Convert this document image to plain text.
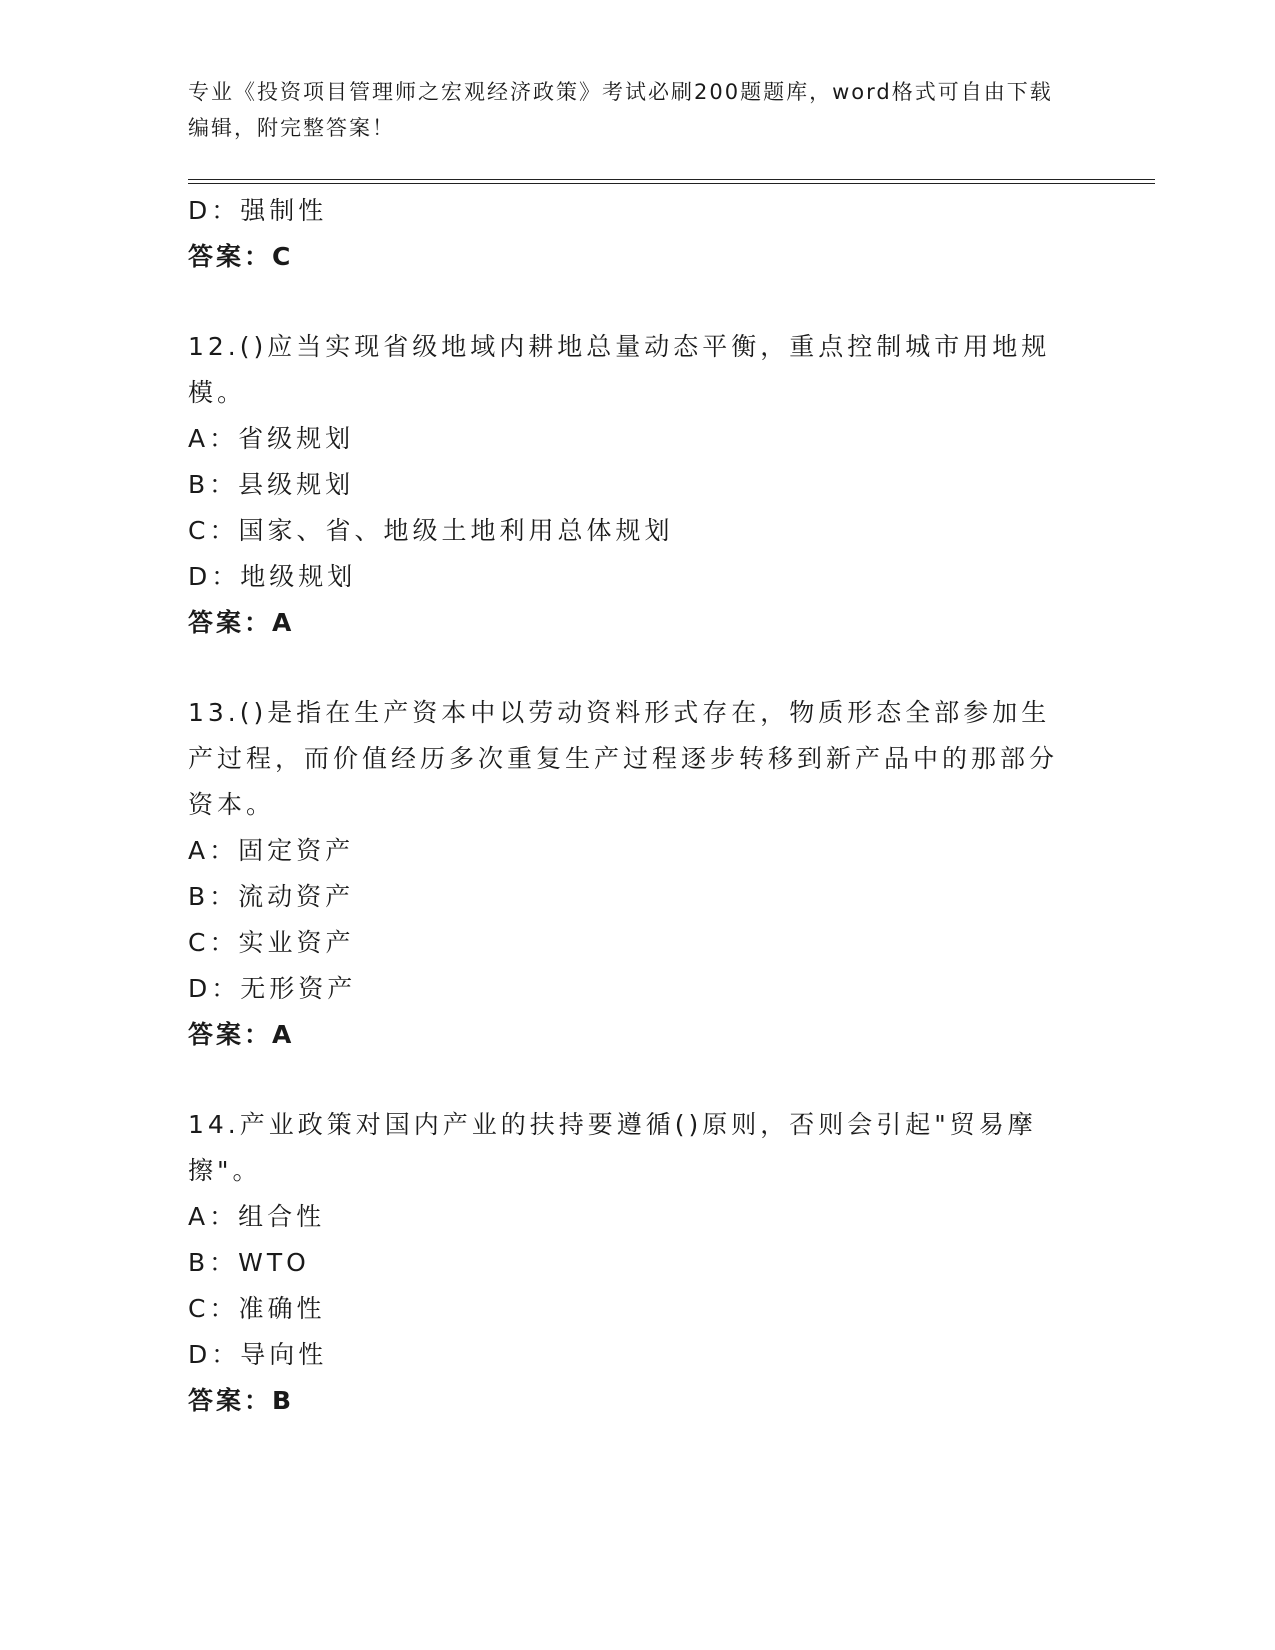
专业《投资项目管理师之宏观经济政策》考试必刷200题题库，word格式可自由下载编辑，附完整答案！
D：强制性
答案：C
12.()应当实现省级地域内耕地总量动态平衡，重点控制城市用地规模。
A：省级规划
B：县级规划
C：国家、省、地级土地利用总体规划
D：地级规划
答案：A
13.()是指在生产资本中以劳动资料形式存在，物质形态全部参加生产过程，而价值经历多次重复生产过程逐步转移到新产品中的那部分资本。
A：固定资产
B：流动资产
C：实业资产
D：无形资产
答案：A
14.产业政策对国内产业的扶持要遵循()原则，否则会引起"贸易摩擦"。
A：组合性
B：WTO
C：准确性
D：导向性
答案：B
